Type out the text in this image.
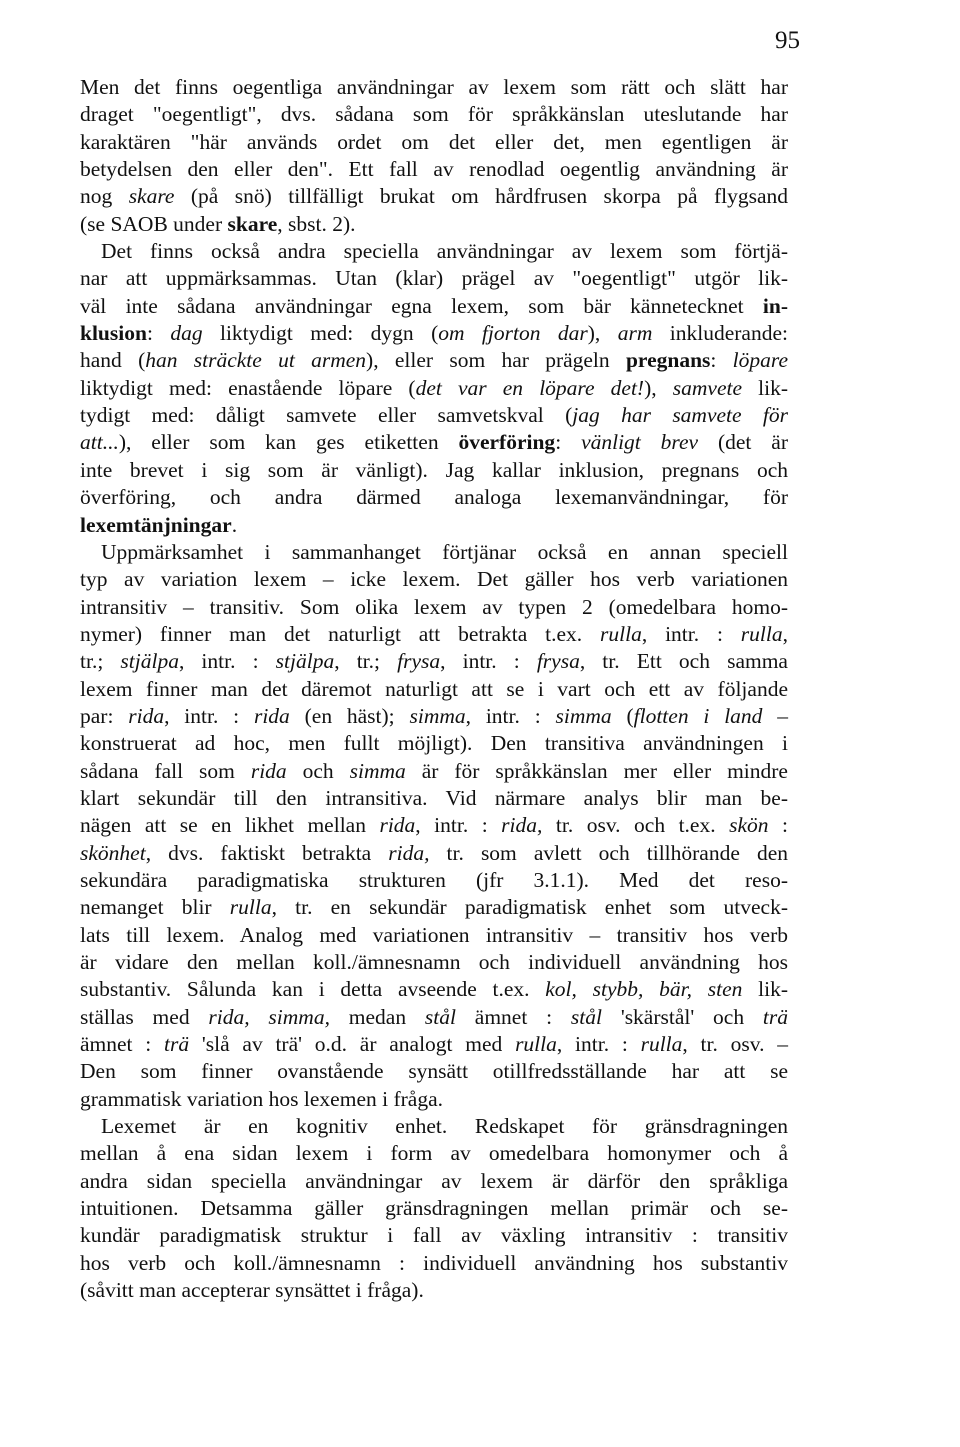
95
Men det finns oegentliga användningar av lexem som rätt och slätt har
draget "oegentligt", dvs. sådana som för språkkänslan uteslutande har
karaktären "här används ordet om det eller det, men egentligen är
betydelsen den eller den". Ett fall av renodlad oegentlig användning är
nog skare (på snö) tillfälligt brukat om hårdfrusen skorpa på flygsand
(se SAOB under skare, sbst. 2).
Det finns också andra speciella användningar av lexem som förtjä-
nar att uppmärksammas. Utan (klar) prägel av "oegentligt" utgör lik-
väl inte sådana användningar egna lexem, som bär kännetecknet in-
klusion: dag liktydigt med: dygn (om fjorton dar), arm inkluderande:
hand (han sträckte ut armen), eller som har prägeln pregnans: löpare
liktydigt med: enastående löpare (det var en löpare det!), samvete lik-
tydigt med: dåligt samvete eller samvetskval (jag har samvete för
att...), eller som kan ges etiketten överföring: vänligt brev (det är
inte brevet i sig som är vänligt). Jag kallar inklusion, pregnans och
överföring, och andra därmed analoga lexemanvändningar, för
lexemtänjningar.
Uppmärksamhet i sammanhanget förtjänar också en annan speciell
typ av variation lexem – icke lexem. Det gäller hos verb variationen
intransitiv – transitiv. Som olika lexem av typen 2 (omedelbara homo-
nymer) finner man det naturligt att betrakta t.ex. rulla, intr. : rulla,
tr.; stjälpa, intr. : stjälpa, tr.; frysa, intr. : frysa, tr. Ett och samma
lexem finner man det däremot naturligt att se i vart och ett av följande
par: rida, intr. : rida (en häst); simma, intr. : simma (flotten i land –
konstruerat ad hoc, men fullt möjligt). Den transitiva användningen i
sådana fall som rida och simma är för språkkänslan mer eller mindre
klart sekundär till den intransitiva. Vid närmare analys blir man be-
nägen att se en likhet mellan rida, intr. : rida, tr. osv. och t.ex. skön :
skönhet, dvs. faktiskt betrakta rida, tr. som avlett och tillhörande den
sekundära paradigmatiska strukturen (jfr 3.1.1). Med det reso-
nemanget blir rulla, tr. en sekundär paradigmatisk enhet som utveck-
lats till lexem. Analog med variationen intransitiv – transitiv hos verb
är vidare den mellan koll./ämnesnamn och individuell användning hos
substantiv. Sålunda kan i detta avseende t.ex. kol, stybb, bär, sten lik-
ställas med rida, simma, medan stål ämnet : stål 'skärstål' och trä
ämnet : trä 'slå av trä' o.d. är analogt med rulla, intr. : rulla, tr. osv. –
Den som finner ovanstående synsätt otillfredsställande har att se
grammatisk variation hos lexemen i fråga.
Lexemet är en kognitiv enhet. Redskapet för gränsdragningen
mellan å ena sidan lexem i form av omedelbara homonymer och å
andra sidan speciella användningar av lexem är därför den språkliga
intuitionen. Detsamma gäller gränsdragningen mellan primär och se-
kundär paradigmatisk struktur i fall av växling intransitiv : transitiv
hos verb och koll./ämnesnamn : individuell användning hos substantiv
(såvitt man accepterar synsättet i fråga).
